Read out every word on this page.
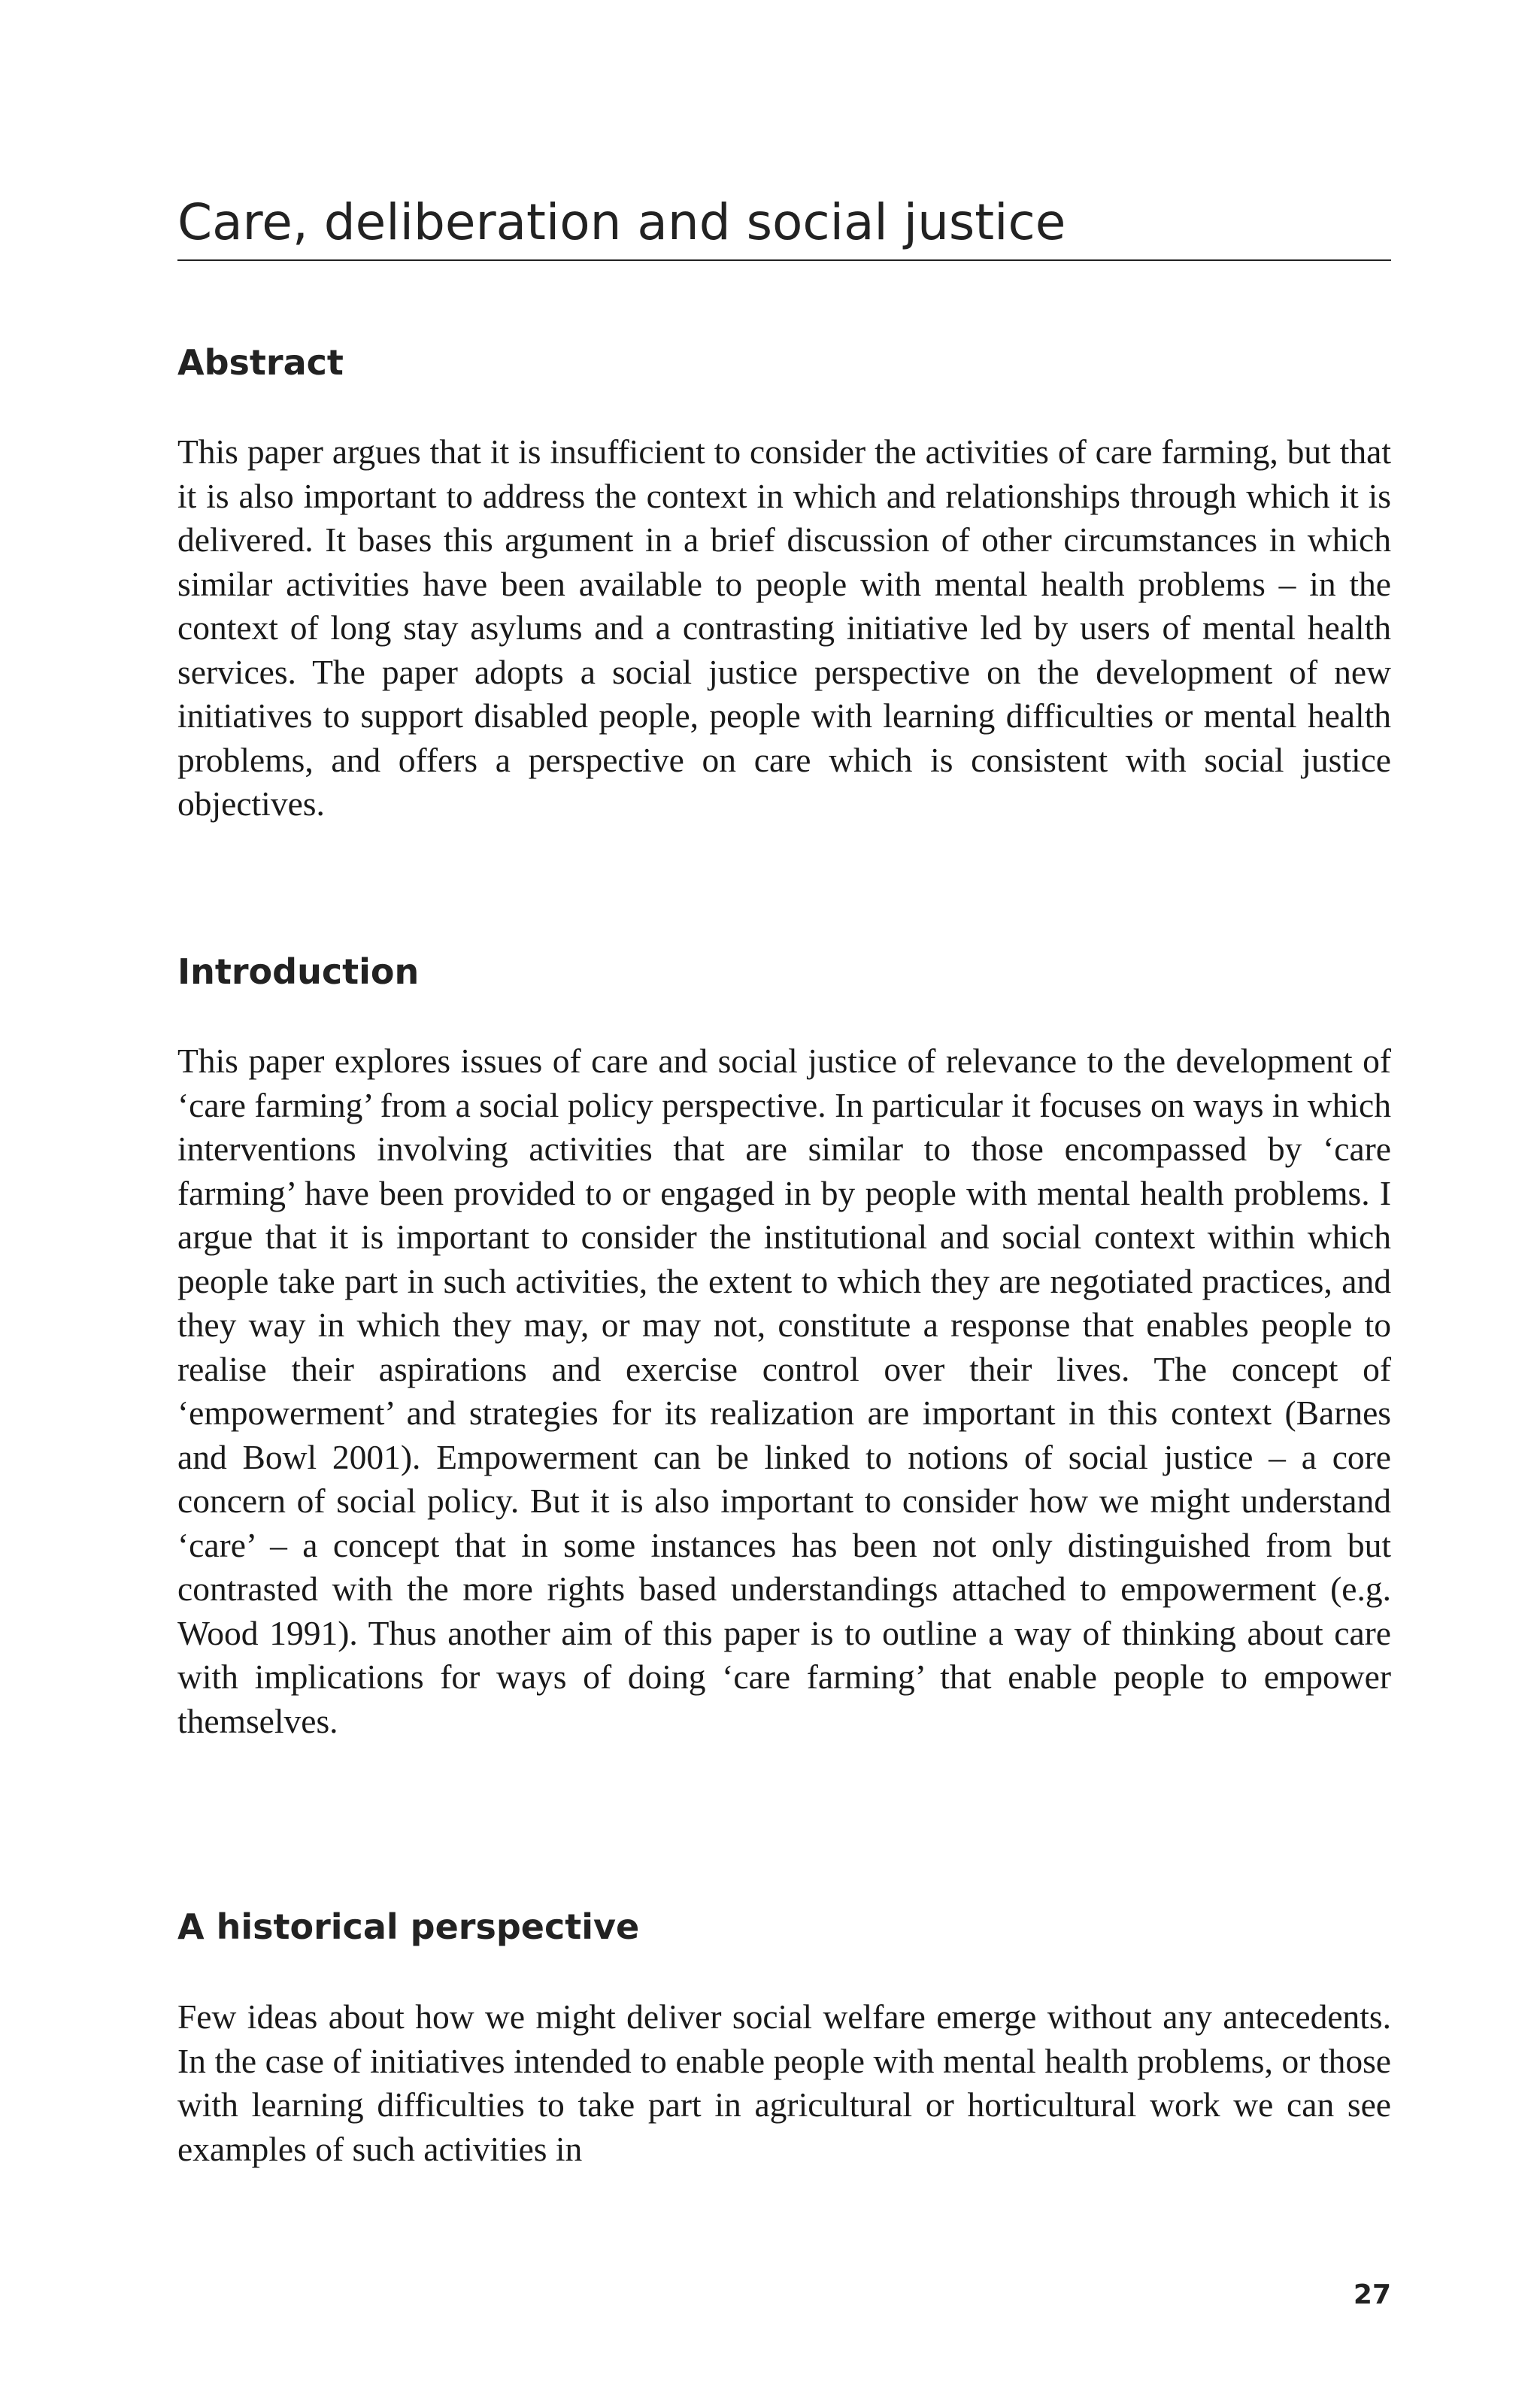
Care, deliberation and social justice
Abstract

This paper argues that it is insufficient to consider the activities of care farming, but that it is also important to address the context in which and relationships through which it is delivered. It bases this argument in a brief discussion of other circumstances in which similar activities have been available to people with mental health problems – in the context of long stay asylums and a contrasting initiative led by users of mental health services. The paper adopts a social justice perspective on the development of new initiatives to support disabled people, people with learning difficulties or mental health problems, and offers a perspective on care which is consistent with social justice objectives.

Introduction

This paper explores issues of care and social justice of relevance to the development of ‘care farming’ from a social policy perspective. In particular it focuses on ways in which interventions involving activities that are similar to those encompassed by ‘care farming’ have been provided to or engaged in by people with mental health problems. I argue that it is important to consider the institutional and social context within which people take part in such activities, the extent to which they are negotiated practices, and they way in which they may, or may not, constitute a response that enables people to realise their aspirations and exercise control over their lives. The concept of ‘empowerment’ and strategies for its realization are important in this context (Barnes and Bowl 2001). Empowerment can be linked to notions of social justice – a core concern of social policy. But it is also important to consider how we might understand ‘care’ – a concept that in some instances has been not only distinguished from but contrasted with the more rights based understandings attached to empowerment (e.g. Wood 1991). Thus another aim of this paper is to outline a way of thinking about care with implications for ways of doing ‘care farming’ that enable people to empower themselves.

A historical perspective

Few ideas about how we might deliver social welfare emerge without any antecedents. In the case of initiatives intended to enable people with mental health problems, or those with learning difficulties to take part in agricultural or horticultural work we can see examples of such activities in

27
